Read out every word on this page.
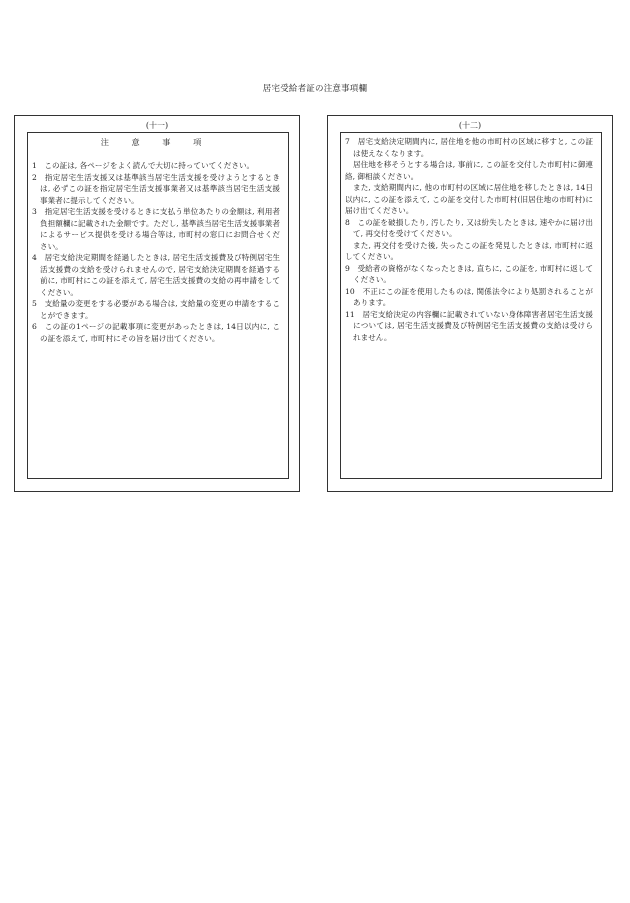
居宅受給者証の注意事項欄
(十一)
注 意 事 項

1　この証は, 各ページをよく読んで大切に持っていてください。

2　指定居宅生活支援又は基準該当居宅生活支援を受けようとするときは, 必ずこの証を指定居宅生活支援事業者又は基準該当居宅生活支援事業者に提示してください。

3　指定居宅生活支援を受けるときに支払う単位あたりの金額は, 利用者負担額欄に記載された金額です。ただし, 基準該当居宅生活支援事業者によるサービス提供を受ける場合等は, 市町村の窓口にお問合せください。

4　居宅支給決定期間を経過したときは, 居宅生活支援費及び特例居宅生活支援費の支給を受けられませんので, 居宅支給決定期間を経過する前に, 市町村にこの証を添えて, 居宅生活支援費の支給の再申請をしてください。

5　支給量の変更をする必要がある場合は, 支給量の変更の申請をすることができます。

6　この証の1ページの記載事項に変更があったときは, 14日以内に, この証を添えて, 市町村にその旨を届け出てください。

(十二)

7　居宅支給決定期間内に, 居住地を他の市町村の区域に移すと, この証は使えなくなります。

居住地を移そうとする場合は, 事前に, この証を交付した市町村に御連絡, 御相談ください。

また, 支給期間内に, 他の市町村の区域に居住地を移したときは, 14日以内に, この証を添えて, この証を交付した市町村(旧居住地の市町村)に届け出てください。

8　この証を破損したり, 汚したり, 又は紛失したときは, 速やかに届け出て, 再交付を受けてください。

また, 再交付を受けた後, 失ったこの証を発見したときは, 市町村に返してください。

9　受給者の資格がなくなったときは, 直ちに, この証を, 市町村に返してください。

10　不正にこの証を使用したものは, 関係法令により処罰されることがあります。

11　居宅支給決定の内容欄に記載されていない身体障害者居宅生活支援については, 居宅生活支援費及び特例居宅生活支援費の支給は受けられません。
